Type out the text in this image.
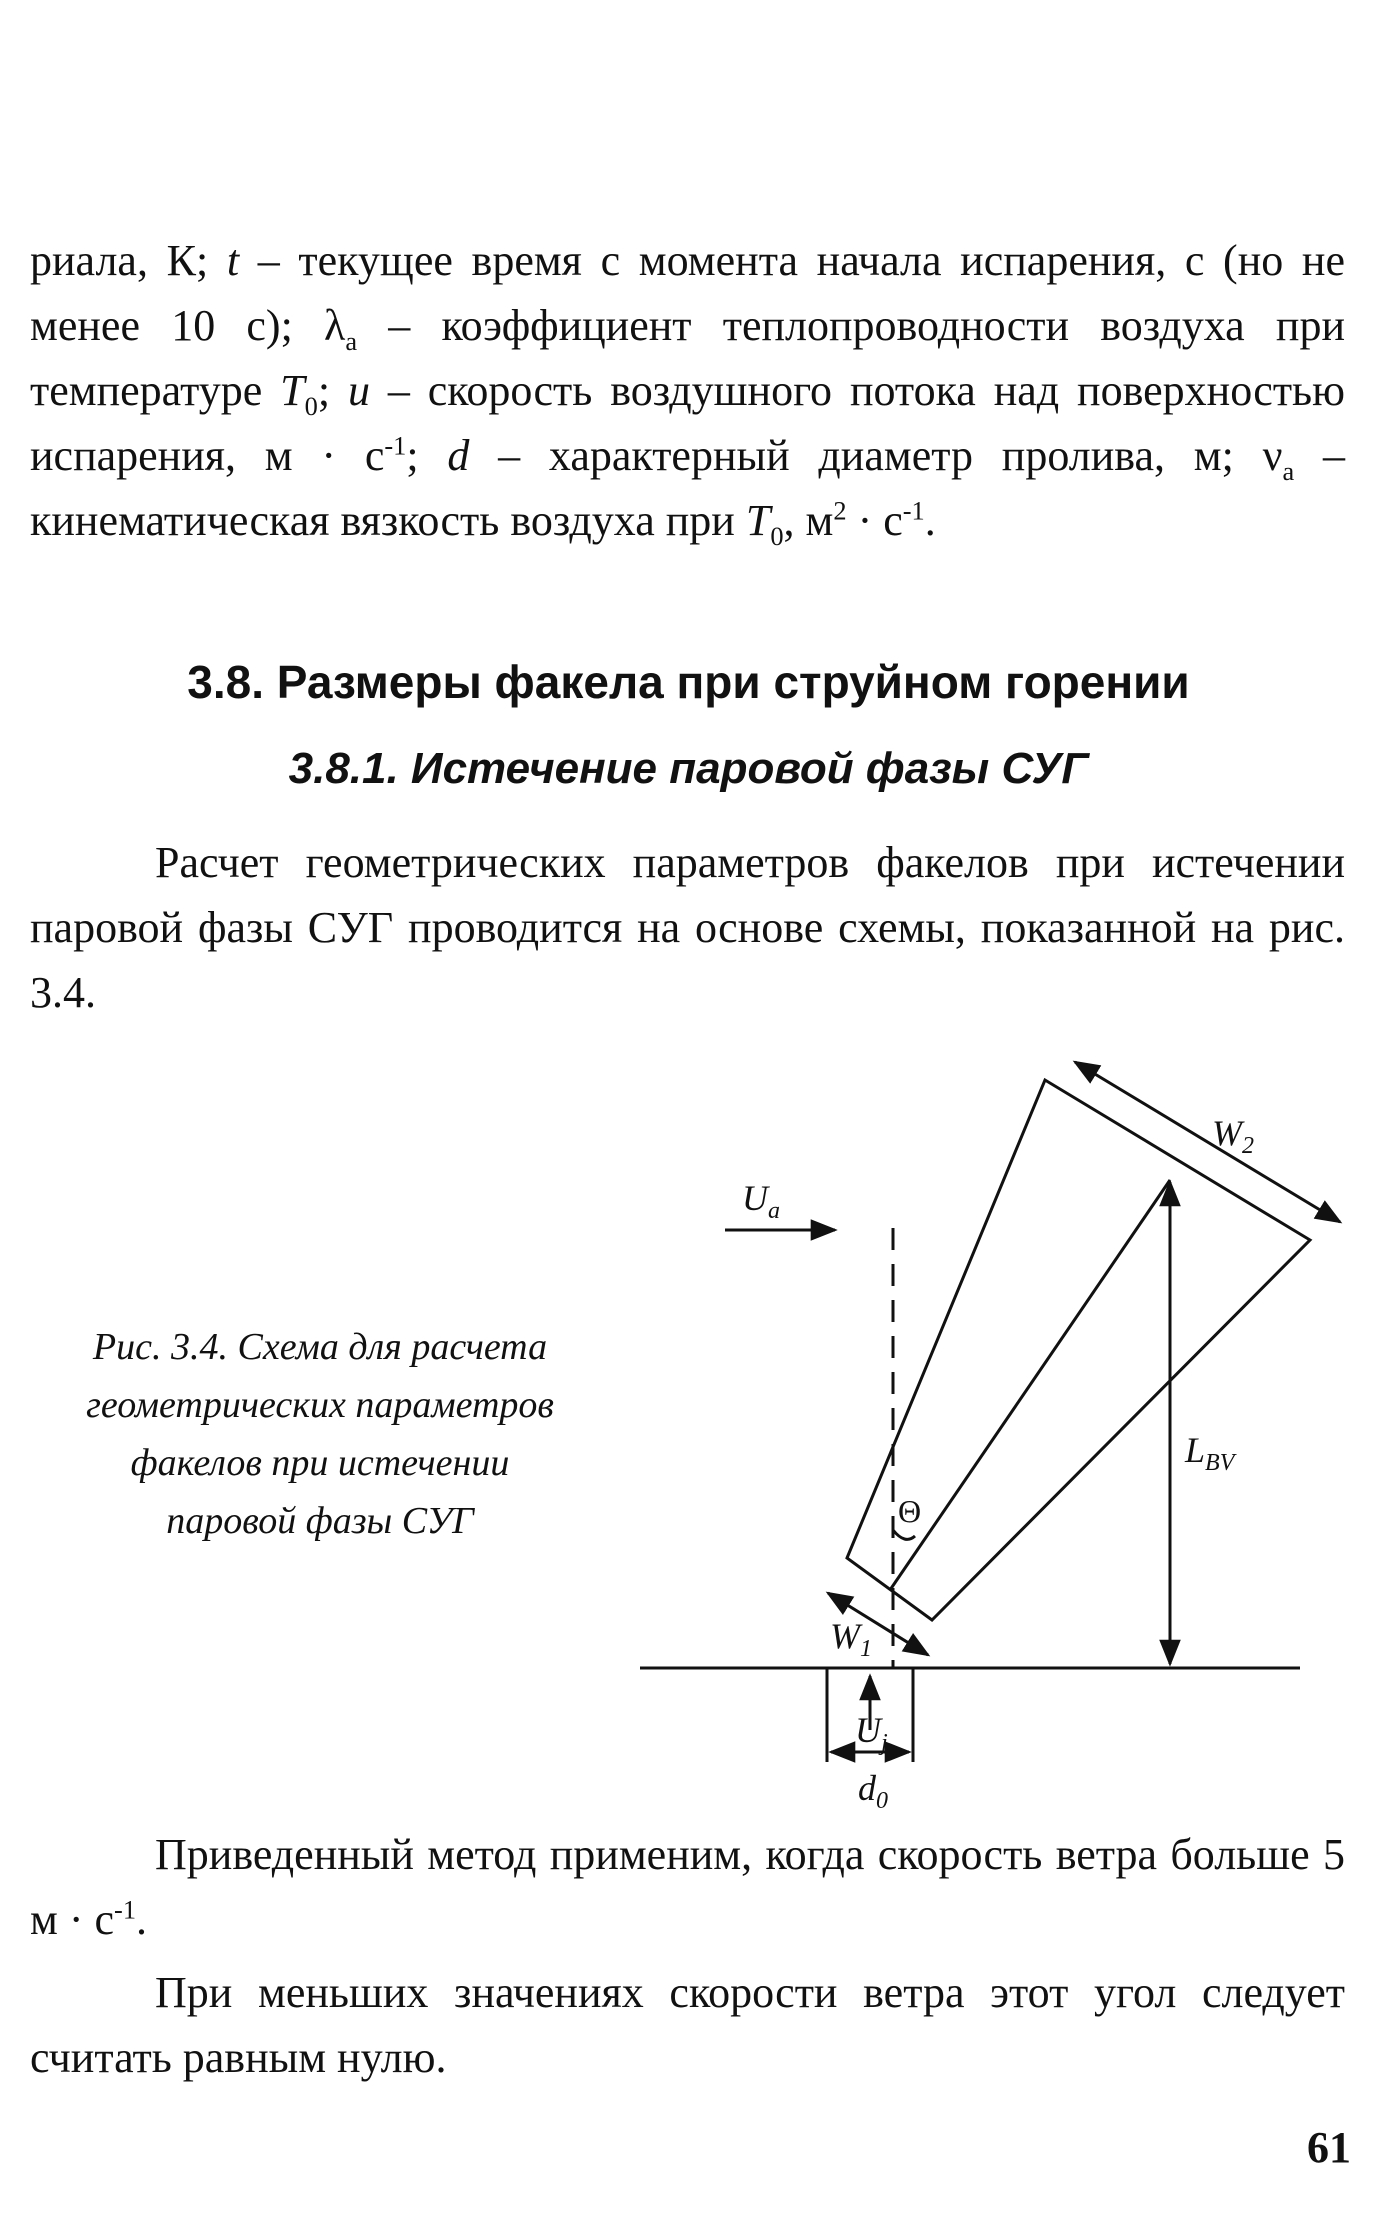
риала, К; t – текущее время с момента начала испарения, с (но не менее 10 с); $\lambda_a$ – коэффициент теплопроводности воздуха при температуре $T_0$; u – скорость воздушного потока над поверхностью испарения, $м \cdot с^{-1}$; d – характерный диаметр пролива, м; $\nu_a$ – кинематическая вязкость воздуха при $T_0$, $м^2 \cdot с^{-1}$.

3.8. Размеры факела при струйном горении
3.8.1. Истечение паровой фазы СУГ

Расчет геометрических параметров факелов при истечении паровой фазы СУГ проводится на основе схемы, показанной на рис. 3.4.

Рис. 3.4. Схема для расчета
геометрических параметров
факелов при истечении
паровой фазы СУГ
$W_2$
$U_a$
$L_{BV}$
Θ
$W_1$
$U_j$
$d_0$

Приведенный метод применим, когда скорость ветра больше 5 $м \cdot с^{-1}$.

При меньших значениях скорости ветра этот угол следует считать равным нулю.

61
